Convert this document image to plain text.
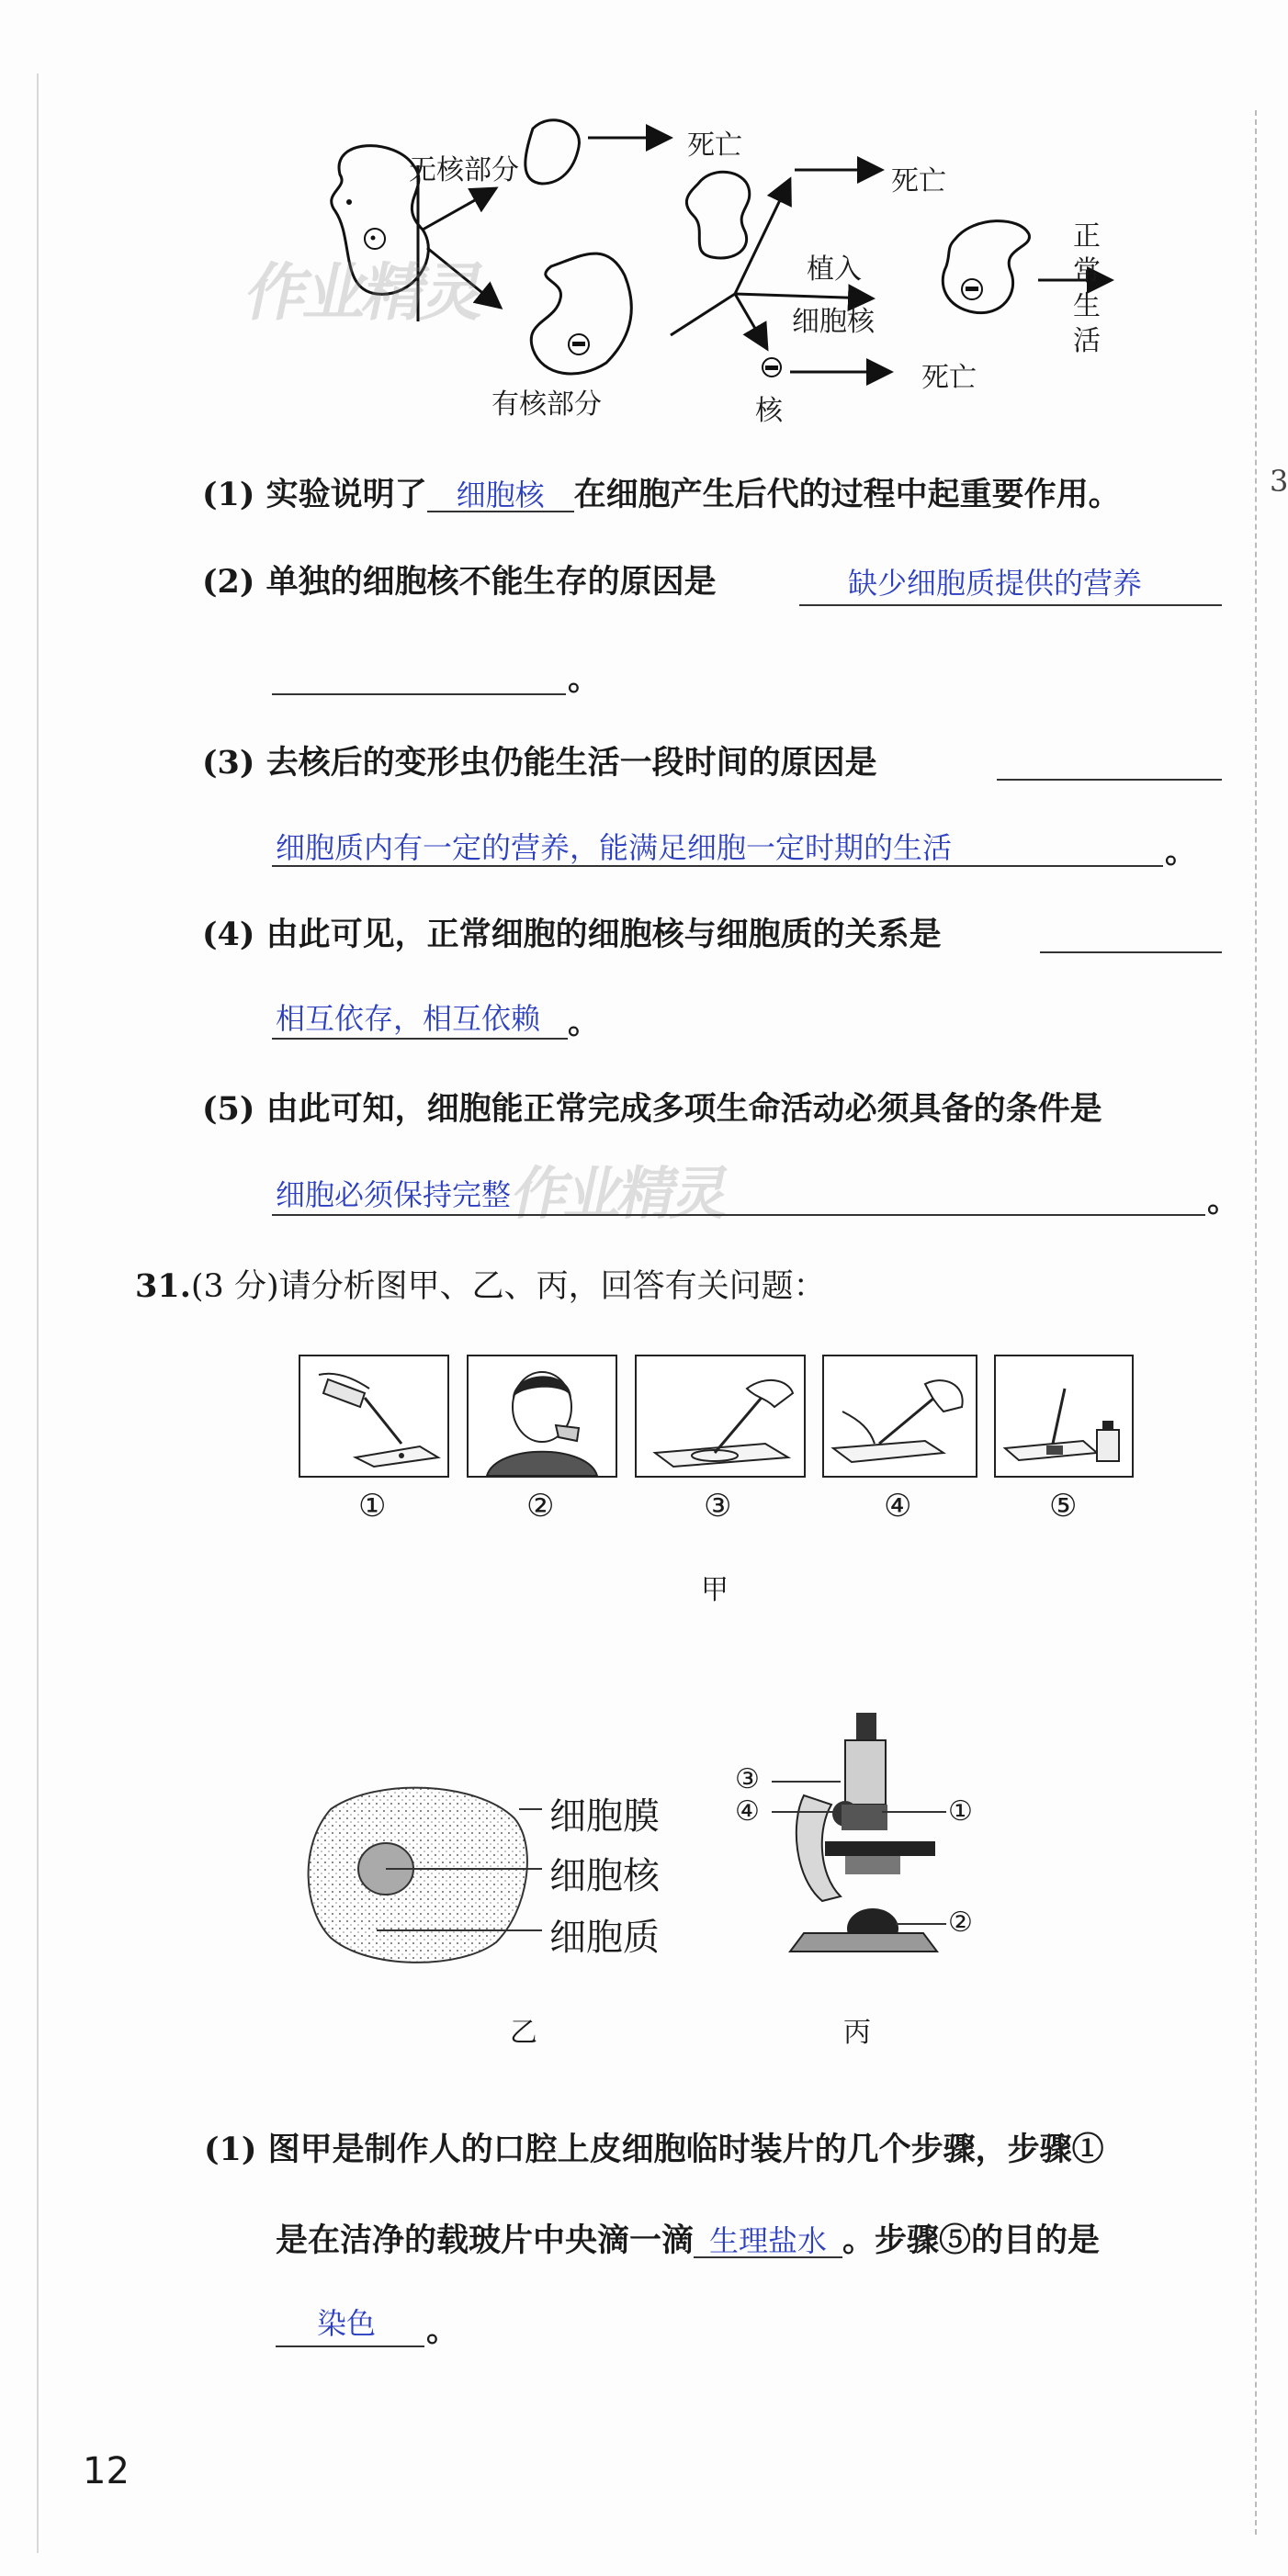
无核部分
有核部分
死亡
死亡
死亡
植入
细胞核
核
正
常
生
活
作业精灵
作业精灵
(1) 实验说明了 细胞核 在细胞产生后代的过程中起重要作用。
(2) 单独的细胞核不能生存的原因是	缺少细胞质提供的营养
。
(3) 去核后的变形虫仍能生活一段时间的原因是
细胞质内有一定的营养，能满足细胞一定时期的生活	。
(4) 由此可见，正常细胞的细胞核与细胞质的关系是
相互依存，相互依赖 。
(5) 由此可知，细胞能正常完成多项生命活动必须具备的条件是
细胞必须保持完整	。
31.(3 分)请分析图甲、乙、丙，回答有关问题：
①	②	③	④	⑤
甲
细胞膜
细胞核
细胞质
乙
③
④	①
②
丙
(1) 图甲是制作人的口腔上皮细胞临时装片的几个步骤，步骤①
是在洁净的载玻片中央滴一滴 生理盐水 。步骤⑤的目的是
染色 。
12
3
